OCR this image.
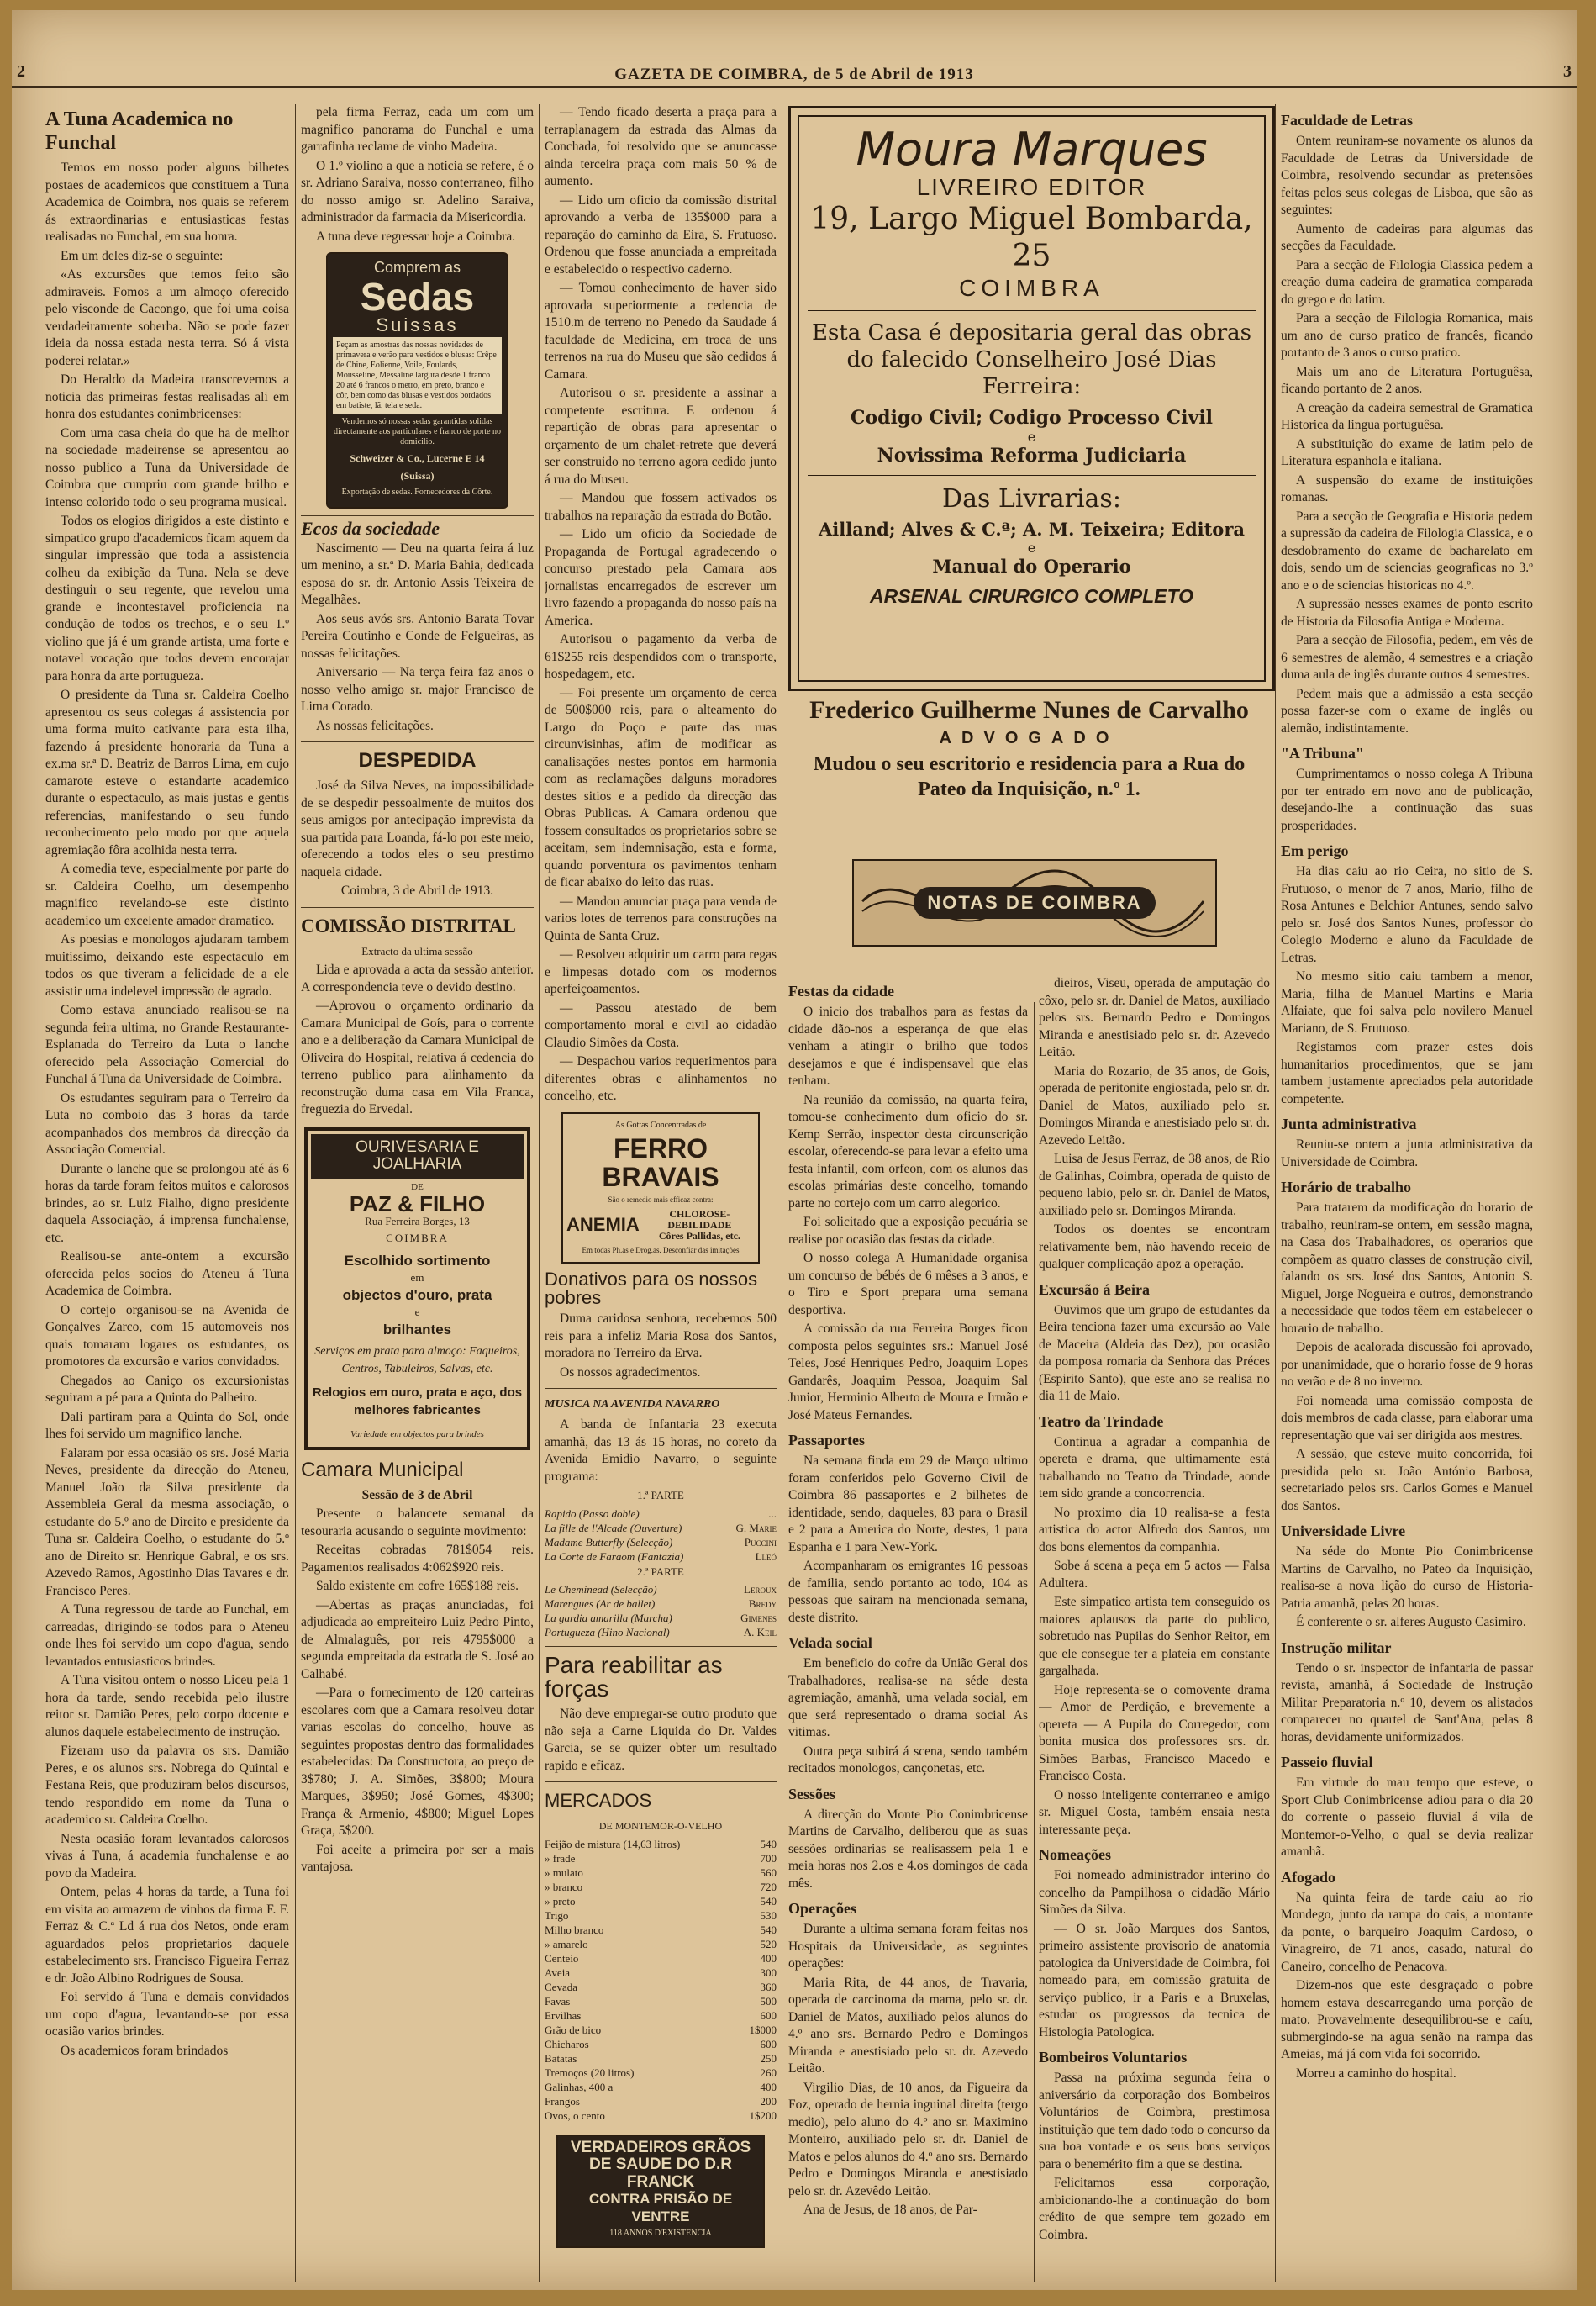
2	GAZETA DE COIMBRA, de 5 de Abril de 1913	3
A Tuna Academica no Funchal

Temos em nosso poder alguns bilhetes postaes de academicos que constituem a Tuna Academica de Coimbra, nos quais se referem ás extraordinarias e entusiasticas festas realisadas no Funchal, em sua honra.

Em um deles diz-se o seguinte:

«As excursões que temos feito são admiraveis. Fomos a um almoço oferecido pelo visconde de Cacongo, que foi uma coisa verdadeiramente soberba. Não se pode fazer ideia da nossa estada nesta terra. Só á vista poderei relatar.»

Do Heraldo da Madeira transcrevemos a noticia das primeiras festas realisadas ali em honra dos estudantes conimbricenses:

Com uma casa cheia do que ha de melhor na sociedade madeirense se apresentou ao nosso publico a Tuna da Universidade de Coimbra que cumpriu com grande brilho e intenso colorido todo o seu programa musical.

Todos os elogios dirigidos a este distinto e simpatico grupo d'academicos ficam aquem da singular impressão que toda a assistencia colheu da exibição da Tuna. Nela se deve destinguir o seu regente, que revelou uma grande e incontestavel proficiencia na condução de todos os trechos, e o seu 1.º violino que já é um grande artista, uma forte e notavel vocação que todos devem encorajar para honra da arte portugueza.

O presidente da Tuna sr. Caldeira Coelho apresentou os seus colegas á assistencia por uma forma muito cativante para esta ilha, fazendo á presidente honoraria da Tuna a ex.ma sr.ª D. Beatriz de Barros Lima, em cujo camarote esteve o estandarte academico durante o espectaculo, as mais justas e gentis referencias, manifestando o seu fundo reconhecimento pelo modo por que aquela agremiação fôra acolhida nesta terra.

A comedia teve, especialmente por parte do sr. Caldeira Coelho, um desempenho magnifico revelando-se este distinto academico um excelente amador dramatico.

As poesias e monologos ajudaram tambem muitissimo, deixando este espectaculo em todos os que tiveram a felicidade de a ele assistir uma indelevel impressão de agrado.

Como estava anunciado realisou-se na segunda feira ultima, no Grande Restaurante-Esplanada do Terreiro da Luta o lanche oferecido pela Associação Comercial do Funchal á Tuna da Universidade de Coimbra.

Os estudantes seguiram para o Terreiro da Luta no comboio das 3 horas da tarde acompanhados dos membros da direcção da Associação Comercial.

Durante o lanche que se prolongou até ás 6 horas da tarde foram feitos muitos e calorosos brindes, ao sr. Luiz Fialho, digno presidente daquela Associação, á imprensa funchalense, etc.

Realisou-se ante-ontem a excursão oferecida pelos socios do Ateneu á Tuna Academica de Coimbra.

O cortejo organisou-se na Avenida de Gonçalves Zarco, com 15 automoveis nos quais tomaram logares os estudantes, os promotores da excursão e varios convidados.

Chegados ao Caniço os excursionistas seguiram a pé para a Quinta do Palheiro.

Dali partiram para a Quinta do Sol, onde lhes foi servido um magnifico lanche.

Falaram por essa ocasião os srs. José Maria Neves, presidente da direcção do Ateneu, Manuel João da Silva presidente da Assembleia Geral da mesma associação, o estudante do 5.º ano de Direito e presidente da Tuna sr. Caldeira Coelho, o estudante do 5.º ano de Direito sr. Henrique Gabral, e os srs. Azevedo Ramos, Agostinho Dias Tavares e dr. Francisco Peres.

A Tuna regressou de tarde ao Funchal, em carreadas, dirigindo-se todos para o Ateneu onde lhes foi servido um copo d'agua, sendo levantados entusiasticos brindes.

A Tuna visitou ontem o nosso Liceu pela 1 hora da tarde, sendo recebida pelo ilustre reitor sr. Damião Peres, pelo corpo docente e alunos daquele estabelecimento de instrução.

Fizeram uso da palavra os srs. Damião Peres, e os alunos srs. Nobrega do Quintal e Festana Reis, que produziram belos discursos, tendo respondido em nome da Tuna o academico sr. Caldeira Coelho.

Nesta ocasião foram levantados calorosos vivas á Tuna, á academia funchalense e ao povo da Madeira.

Ontem, pelas 4 horas da tarde, a Tuna foi em visita ao armazem de vinhos da firma F. F. Ferraz & C.ª Ld á rua dos Netos, onde eram aguardados pelos proprietarios daquele estabelecimento srs. Francisco Figueira Ferraz e dr. João Albino Rodrigues de Sousa.

Foi servido á Tuna e demais convidados um copo d'agua, levantando-se por essa ocasião varios brindes.

Os academicos foram brindados

pela firma Ferraz, cada um com um magnifico panorama do Funchal e uma garrafinha reclame de vinho Madeira.

O 1.º violino a que a noticia se refere, é o sr. Adriano Saraiva, nosso conterraneo, filho do nosso amigo sr. Adelino Saraiva, administrador da farmacia da Misericordia.

A tuna deve regressar hoje a Coimbra.

Comprem as
Sedas
Suissas
Peçam as amostras das nossas novidades de primavera e verão para vestidos e blusas: Crêpe de Chine, Eolienne, Voile, Foulards, Mousseline, Messaline largura desde 1 franco 20 até 6 francos o metro, em preto, branco e côr, bem como das blusas e vestidos bordados em batiste, lã, tela e seda.
Vendemos só nossas sedas garantidas solidas directamente aos particulares e franco de porte no domicilio.
Schweizer & Co., Lucerne E 14 (Suissa)
Exportação de sedas. Fornecedores da Côrte.
Ecos da sociedade

Nascimento — Deu na quarta feira á luz um menino, a sr.ª D. Maria Bahia, dedicada esposa do sr. dr. Antonio Assis Teixeira de Megalhães.

Aos seus avós srs. Antonio Barata Tovar Pereira Coutinho e Conde de Felgueiras, as nossas felicitações.

Aniversario — Na terça feira faz anos o nosso velho amigo sr. major Francisco de Lima Corado.

As nossas felicitações.

DESPEDIDA

José da Silva Neves, na impossibilidade de se despedir pessoalmente de muitos dos seus amigos por antecipação imprevista da sua partida para Loanda, fá-lo por este meio, oferecendo a todos eles o seu prestimo naquela cidade.

Coimbra, 3 de Abril de 1913.

COMISSÃO DISTRITAL

Extracto da ultima sessão

Lida e aprovada a acta da sessão anterior. A correspondencia teve o devido destino.

—Aprovou o orçamento ordinario da Camara Municipal de Goís, para o corrente ano e a deliberação da Camara Municipal de Oliveira do Hospital, relativa á cedencia do terreno publico para alinhamento da reconstrução duma casa em Vila Franca, freguezia do Ervedal.

OURIVESARIA E JOALHARIA
DE
PAZ & FILHO
Rua Ferreira Borges, 13
COIMBRA
Escolhido sortimento
em
objectos d'ouro, prata
e
brilhantes
Serviços em prata para almoço: Faqueiros, Centros, Tabuleiros, Salvas, etc.
Relogios em ouro, prata e aço, dos melhores fabricantes
Variedade em objectos para brindes
Camara Municipal

Sessão de 3 de Abril

Presente o balancete semanal da tesouraria acusando o seguinte movimento:

Receitas cobradas 781$054 reis. Pagamentos realisados 4:062$920 reis.

Saldo existente em cofre 165$188 reis.

—Abertas as praças anunciadas, foi adjudicada ao empreiteiro Luiz Pedro Pinto, de Almalaguês, por reis 4795$000 a segunda empreitada da estrada de S. José ao Calhabé.

—Para o fornecimento de 120 carteiras escolares com que a Camara resolveu dotar varias escolas do concelho, houve as seguintes propostas dentro das formalidades estabelecidas: Da Constructora, ao preço de 3$780; J. A. Simões, 3$800; Moura Marques, 3$950; José Gomes, 4$300; França & Armenio, 4$800; Miguel Lopes Graça, 5$200.

Foi aceite a primeira por ser a mais vantajosa.

— Tendo ficado deserta a praça para a terraplanagem da estrada das Almas da Conchada, foi resolvido que se anuncasse ainda terceira praça com mais 50 % de aumento.

— Lido um oficio da comissão distrital aprovando a verba de 135$000 para a reparação do caminho da Eira, S. Frutuoso. Ordenou que fosse anunciada a empreitada e estabelecido o respectivo caderno.

— Tomou conhecimento de haver sido aprovada superiormente a cedencia de 1510.m de terreno no Penedo da Saudade á faculdade de Medicina, em troca de uns terrenos na rua do Museu que são cedidos á Camara.

Autorisou o sr. presidente a assinar a competente escritura. E ordenou á repartição de obras para apresentar o orçamento de um chalet-retrete que deverá ser construido no terreno agora cedido junto á rua do Museu.

— Mandou que fossem activados os trabalhos na reparação da estrada do Botão.

— Lido um oficio da Sociedade de Propaganda de Portugal agradecendo o concurso prestado pela Camara aos jornalistas encarregados de escrever um livro fazendo a propaganda do nosso país na America.

Autorisou o pagamento da verba de 61$255 reis despendidos com o transporte, hospedagem, etc.

— Foi presente um orçamento de cerca de 500$000 reis, para o alteamento do Largo do Poço e parte das ruas circunvisinhas, afim de modificar as canalisações nestes pontos em harmonia com as reclamações dalguns moradores destes sitios e a pedido da direcção das Obras Publicas. A Camara ordenou que fossem consultados os proprietarios sobre se aceitam, sem indemnisação, esta e forma, quando porventura os pavimentos tenham de ficar abaixo do leito das ruas.

— Mandou anunciar praça para venda de varios lotes de terrenos para construções na Quinta de Santa Cruz.

— Resolveu adquirir um carro para regas e limpesas dotado com os modernos aperfeiçoamentos.

— Passou atestado de bem comportamento moral e civil ao cidadão Claudio Simões da Costa.

— Despachou varios requerimentos para diferentes obras e alinhamentos no concelho, etc.

As Gottas Concentradas de
FERRO BRAVAIS
São o remedio mais efficaz contra:
ANEMIA
CHLOROSE-DEBILIDADE
Côres Pallidas, etc.
Em todas Ph.as e Drog.as. Desconfiar das imitações
Donativos para os nossos pobres

Duma caridosa senhora, recebemos 500 reis para a infeliz Maria Rosa dos Santos, moradora no Terreiro da Erva.

Os nossos agradecimentos.

MUSICA NA AVENIDA NAVARRO

A banda de Infantaria 23 executa amanhã, das 13 ás 15 horas, no coreto da Avenida Emidio Navarro, o seguinte programa:

1.ª PARTE

Rapido (Passo doble)	...
La fille de l'Alcade (Ouverture)	G. Marie
Madame Butterfly (Selecção)	Puccini
La Corte de Faraom (Fantazia)	Lleó

2.ª PARTE

Le Cheminead (Selecção)	Leroux
Marengues (Ar de ballet)	Bredy
La gardia amarilla (Marcha)	Gimenes
Portugueza (Hino Nacional)	A. Keil
Para reabilitar as forças

Não deve empregar-se outro produto que não seja a Carne Liquida do Dr. Valdes Garcia, se se quizer obter um resultado rapido e eficaz.

MERCADOS

DE MONTEMOR-O-VELHO

Feijão de mistura (14,63 litros)	540
» frade	700
» mulato	560
» branco	720
» preto	540
Trigo	530
Milho branco	540
» amarelo	520
Centeio	400
Aveia	300
Cevada	360
Favas	500
Ervilhas	600
Grão de bico	1$000
Chicharos	600
Batatas	250
Tremoços (20 litros)	260
Galinhas, 400 a	400
Frangos	200
Ovos, o cento	1$200
VERDADEIROS GRÃOS
DE SAUDE DO D.R FRANCK
CONTRA PRISÃO DE VENTRE
118 ANNOS D'EXISTENCIA
Moura Marques
LIVREIRO EDITOR
19, Largo Miguel Bombarda, 25
COIMBRA
Esta Casa é depositaria geral das obras do falecido Conselheiro José Dias Ferreira:
Codigo Civil; Codigo Processo Civil
e
Novissima Reforma Judiciaria
Das Livrarias:
Ailland; Alves & C.ª; A. M. Teixeira; Editora
e
Manual do Operario
ARSENAL CIRURGICO COMPLETO
Frederico Guilherme Nunes de Carvalho
ADVOGADO
Mudou o seu escritorio e residencia para a Rua do Pateo da Inquisição, n.º 1.
NOTAS DE COIMBRA
Festas da cidade

O inicio dos trabalhos para as festas da cidade dão-nos a esperança de que elas venham a atingir o brilho que todos desejamos e que é indispensavel que elas tenham.

Na reunião da comissão, na quarta feira, tomou-se conhecimento dum oficio do sr. Kemp Serrão, inspector desta circunscrição escolar, oferecendo-se para levar a efeito uma festa infantil, com orfeon, com os alunos das escolas primárias deste concelho, tomando parte no cortejo com um carro alegorico.

Foi solicitado que a exposição pecuária se realise por ocasião das festas da cidade.

O nosso colega A Humanidade organisa um concurso de bébés de 6 mêses a 3 anos, e o Tiro e Sport prepara uma semana desportiva.

A comissão da rua Ferreira Borges ficou composta pelos seguintes srs.: Manuel José Teles, José Henriques Pedro, Joaquim Lopes Gandarês, Joaquim Pessoa, Joaquim Sal Junior, Herminio Alberto de Moura e Irmão e José Mateus Fernandes.

Passaportes

Na semana finda em 29 de Março ultimo foram conferidos pelo Governo Civil de Coimbra 86 passaportes e 2 bilhetes de identidade, sendo, daqueles, 83 para o Brasil e 2 para a America do Norte, destes, 1 para Espanha e 1 para New-York.

Acompanharam os emigrantes 16 pessoas de familia, sendo portanto ao todo, 104 as pessoas que sairam na mencionada semana, deste distrito.

Velada social

Em beneficio do cofre da União Geral dos Trabalhadores, realisa-se na séde desta agremiação, amanhã, uma velada social, em que será representado o drama social As vitimas.

Outra peça subirá á scena, sendo também recitados monologos, cançonetas, etc.

Sessões

A direcção do Monte Pio Conimbricense Martins de Carvalho, deliberou que as suas sessões ordinarias se realisassem pela 1 e meia horas nos 2.os e 4.os domingos de cada mês.

Operações

Durante a ultima semana foram feitas nos Hospitais da Universidade, as seguintes operações:

Maria Rita, de 44 anos, de Travaria, operada de carcinoma da mama, pelo sr. dr. Daniel de Matos, auxiliado pelos alunos do 4.º ano srs. Bernardo Pedro e Domingos Miranda e anestisiado pelo sr. dr. Azevedo Leitão.

Virgilio Dias, de 10 anos, da Figueira da Foz, operado de hernia inguinal direita (tergo medio), pelo aluno do 4.º ano sr. Maximino Monteiro, auxiliado pelo sr. dr. Daniel de Matos e pelos alunos do 4.º ano srs. Bernardo Pedro e Domingos Miranda e anestisiado pelo sr. dr. Azevêdo Leitão.

Ana de Jesus, de 18 anos, de Par-

dieiros, Viseu, operada de amputação do côxo, pelo sr. dr. Daniel de Matos, auxiliado pelos srs. Bernardo Pedro e Domingos Miranda e anestisiado pelo sr. dr. Azevedo Leitão.

Maria do Rozario, de 35 anos, de Gois, operada de peritonite engiostada, pelo sr. dr. Daniel de Matos, auxiliado pelo sr. Domingos Miranda e anestisiado pelo sr. dr. Azevedo Leitão.

Luisa de Jesus Ferraz, de 38 anos, de Rio de Galinhas, Coimbra, operada de quisto de pequeno labio, pelo sr. dr. Daniel de Matos, auxiliado pelo sr. Domingos Miranda.

Todos os doentes se encontram relativamente bem, não havendo receio de qualquer complicação apoz a operação.

Excursão á Beira

Ouvimos que um grupo de estudantes da Beira tenciona fazer uma excursão ao Vale de Maceira (Aldeia das Dez), por ocasião da pomposa romaria da Senhora das Préces (Espirito Santo), que este ano se realisa no dia 11 de Maio.

Teatro da Trindade

Continua a agradar a companhia de opereta e drama, que ultimamente está trabalhando no Teatro da Trindade, aonde tem sido grande a concorrencia.

No proximo dia 10 realisa-se a festa artistica do actor Alfredo dos Santos, um dos bons elementos da companhia.

Sobe á scena a peça em 5 actos — Falsa Adultera.

Este simpatico artista tem conseguido os maiores aplausos da parte do publico, sobretudo nas Pupilas do Senhor Reitor, em que ele consegue ter a plateia em constante gargalhada.

Hoje representa-se o comovente drama — Amor de Perdição, e brevemente a opereta — A Pupila do Corregedor, com bonita musica dos professores srs. dr. Simões Barbas, Francisco Macedo e Francisco Costa.

O nosso inteligente conterraneo e amigo sr. Miguel Costa, também ensaia nesta interessante peça.

Nomeações

Foi nomeado administrador interino do concelho da Pampilhosa o cidadão Mário Simões da Silva.

— O sr. João Marques dos Santos, primeiro assistente provisorio de anatomia patologica da Universidade de Coimbra, foi nomeado para, em comissão gratuita de serviço publico, ir a Paris e a Bruxelas, estudar os progressos da tecnica de Histologia Patologica.

Bombeiros Voluntarios

Passa na próxima segunda feira o aniversário da corporação dos Bombeiros Voluntários de Coimbra, prestimosa instituição que tem dado todo o concurso da sua boa vontade e os seus bons serviços para o benemérito fim a que se destina.

Felicitamos essa corporação, ambicionando-lhe a continuação do bom crédito de que sempre tem gozado em Coimbra.

Faculdade de Letras

Ontem reuniram-se novamente os alunos da Faculdade de Letras da Universidade de Coimbra, resolvendo secundar as pretensões feitas pelos seus colegas de Lisboa, que são as seguintes:

Aumento de cadeiras para algumas das secções da Faculdade.

Para a secção de Filologia Classica pedem a creação duma cadeira de gramatica comparada do grego e do latim.

Para a secção de Filologia Romanica, mais um ano de curso pratico de francês, ficando portanto de 3 anos o curso pratico.

Mais um ano de Literatura Portuguêsa, ficando portanto de 2 anos.

A creação da cadeira semestral de Gramatica Historica da lingua portuguêsa.

A substituição do exame de latim pelo de Literatura espanhola e italiana.

A suspensão do exame de instituições romanas.

Para a secção de Geografia e Historia pedem a supressão da cadeira de Filologia Classica, e o desdobramento do exame de bacharelato em dois, sendo um de sciencias geograficas no 3.º ano e o de sciencias historicas no 4.º.

A supressão nesses exames de ponto escrito de Historia da Filosofia Antiga e Moderna.

Para a secção de Filosofia, pedem, em vês de 6 semestres de alemão, 4 semestres e a criação duma aula de inglês durante outros 4 semestres.

Pedem mais que a admissão a esta secção possa fazer-se com o exame de inglês ou alemão, indistintamente.

"A Tribuna"

Cumprimentamos o nosso colega A Tribuna por ter entrado em novo ano de publicação, desejando-lhe a continuação das suas prosperidades.

Em perigo

Ha dias caiu ao rio Ceira, no sitio de S. Frutuoso, o menor de 7 anos, Mario, filho de Rosa Antunes e Belchior Antunes, sendo salvo pelo sr. José dos Santos Nunes, professor do Colegio Moderno e aluno da Faculdade de Letras.

No mesmo sitio caiu tambem a menor, Maria, filha de Manuel Martins e Maria Alfaiate, que foi salva pelo novilero Manuel Mariano, de S. Frutuoso.

Registamos com prazer estes dois humanitarios procedimentos, que se jam tambem justamente apreciados pela autoridade competente.

Junta administrativa

Reuniu-se ontem a junta administrativa da Universidade de Coimbra.

Horário de trabalho

Para tratarem da modificação do horario de trabalho, reuniram-se ontem, em sessão magna, na Casa dos Trabalhadores, os operarios que compõem as quatro classes de construção civil, falando os srs. José dos Santos, Antonio S. Miguel, Jorge Nogueira e outros, demonstrando a necessidade que todos têem em estabelecer o horario de trabalho.

Depois de acalorada discussão foi aprovado, por unanimidade, que o horario fosse de 9 horas no verão e de 8 no inverno.

Foi nomeada uma comissão composta de dois membros de cada classe, para elaborar uma representação que vai ser dirigida aos mestres.

A sessão, que esteve muito concorrida, foi presidida pelo sr. João António Barbosa, secretariado pelos srs. Carlos Gomes e Manuel dos Santos.

Universidade Livre

Na séde do Monte Pio Conimbricense Martins de Carvalho, no Pateo da Inquisição, realisa-se a nova lição do curso de Historia-Patria amanhã, pelas 20 horas.

É conferente o sr. alferes Augusto Casimiro.

Instrução militar

Tendo o sr. inspector de infantaria de passar revista, amanhã, á Sociedade de Instrução Militar Preparatoria n.º 10, devem os alistados comparecer no quartel de Sant'Ana, pelas 8 horas, devidamente uniformizados.

Passeio fluvial

Em virtude do mau tempo que esteve, o Sport Club Conimbricense adiou para o dia 20 do corrente o passeio fluvial á vila de Montemor-o-Velho, o qual se devia realizar amanhã.

Afogado

Na quinta feira de tarde caiu ao rio Mondego, junto da rampa do cais, a montante da ponte, o barqueiro Joaquim Cardoso, o Vinagreiro, de 71 anos, casado, natural do Caneiro, concelho de Penacova.

Dizem-nos que este desgraçado o pobre homem estava descarregando uma porção de mato. Provavelmente desequilibrou-se e caíu, submergindo-se na agua senão na rampa das Ameias, má já com vida foi socorrido.

Morreu a caminho do hospital.
